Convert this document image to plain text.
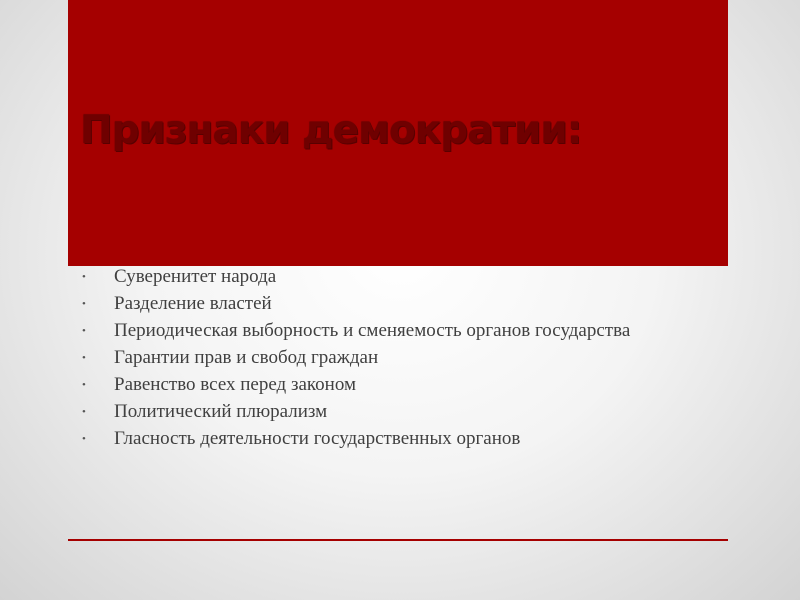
Признаки демократии:
•	Суверенитет народа
•	Разделение властей
•	Периодическая выборность и сменяемость органов государства
•	Гарантии прав и свобод граждан
•	Равенство всех перед законом
•	Политический плюрализм
•	Гласность деятельности государственных органов
